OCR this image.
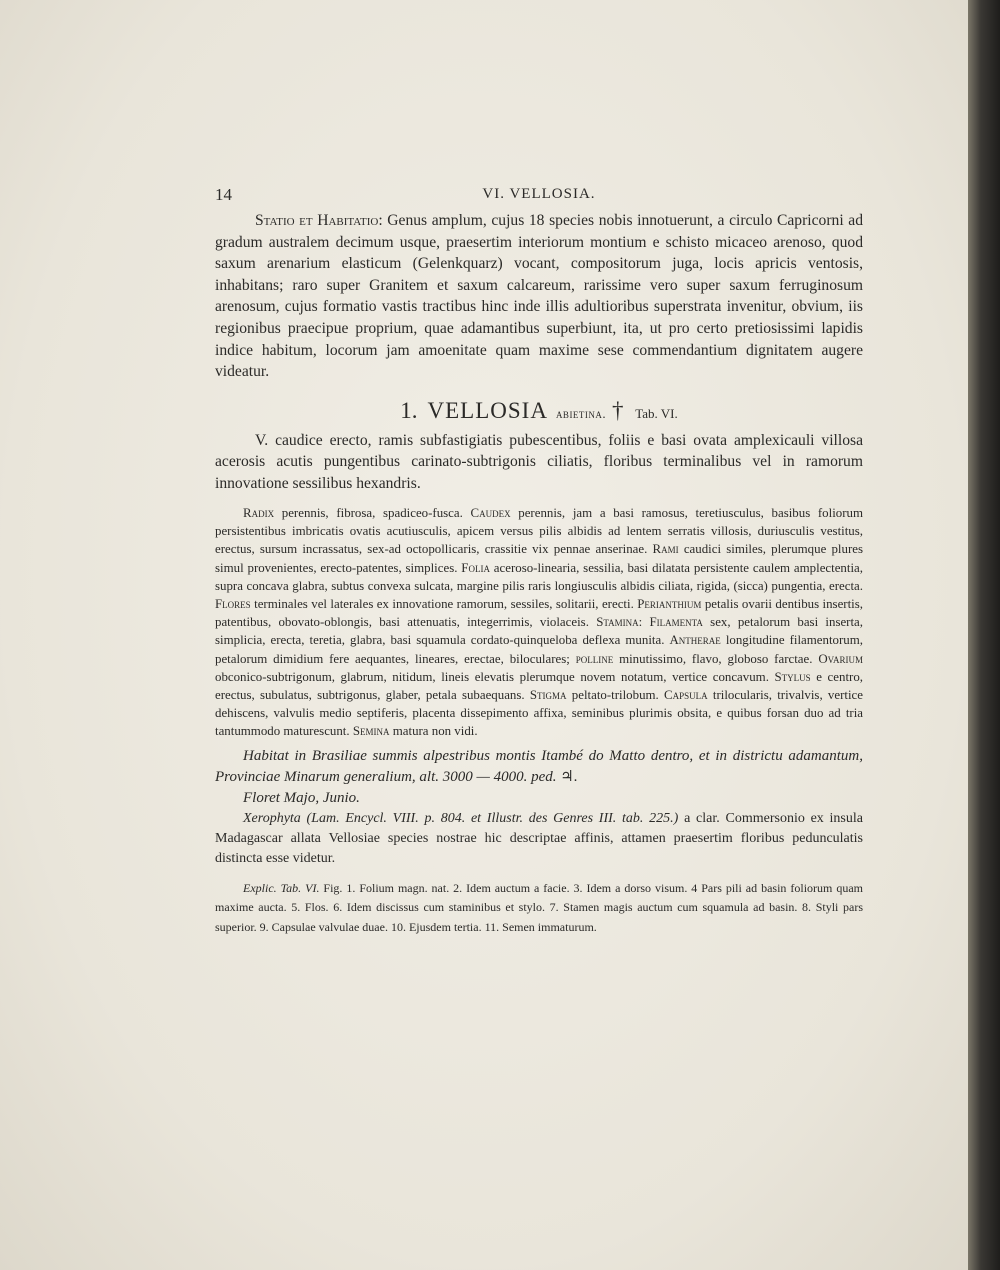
14	VI. VELLOSIA.

Statio et Habitatio: Genus amplum, cujus 18 species nobis innotuerunt, a circulo Capricorni ad gradum australem decimum usque, praesertim interiorum montium e schisto micaceo arenoso, quod saxum arenarium elasticum (Gelenkquarz) vocant, compositorum juga, locis apricis ventosis, inhabitans; raro super Granitem et saxum calcareum, rarissime vero super saxum ferruginosum arenosum, cujus formatio vastis tractibus hinc inde illis adultioribus superstrata invenitur, obvium, iis regionibus praecipue proprium, quae adamantibus superbiunt, ita, ut pro certo pretiosissimi lapidis indice habitum, locorum jam amoenitate quam maxime sese commendantium dignitatem augere videatur.

1. VELLOSIA abietina. † Tab. VI.

V. caudice erecto, ramis subfastigiatis pubescentibus, foliis e basi ovata amplexicauli villosa acerosis acutis pungentibus carinato-subtrigonis ciliatis, floribus terminalibus vel in ramorum innovatione sessilibus hexandris.

Radix perennis, fibrosa, spadiceo-fusca. Caudex perennis, jam a basi ramosus, teretiusculus, basibus foliorum persistentibus imbricatis ovatis acutiusculis, apicem versus pilis albidis ad lentem serratis villosis, duriusculis vestitus, erectus, sursum incrassatus, sex-ad octopollicaris, crassitie vix pennae anserinae. Rami caudici similes, plerumque plures simul provenientes, erecto-patentes, simplices. Folia aceroso-linearia, sessilia, basi dilatata persistente caulem amplectentia, supra concava glabra, subtus convexa sulcata, margine pilis raris longiusculis albidis ciliata, rigida, (sicca) pungentia, erecta. Flores terminales vel laterales ex innovatione ramorum, sessiles, solitarii, erecti. Perianthium petalis ovarii dentibus insertis, patentibus, obovato-oblongis, basi attenuatis, integerrimis, violaceis. Stamina: Filamenta sex, petalorum basi inserta, simplicia, erecta, teretia, glabra, basi squamula cordato-quinqueloba deflexa munita. Antherae longitudine filamentorum, petalorum dimidium fere aequantes, lineares, erectae, biloculares; polline minutissimo, flavo, globoso farctae. Ovarium obconico-subtrigonum, glabrum, nitidum, lineis elevatis plerumque novem notatum, vertice concavum. Stylus e centro, erectus, subulatus, subtrigonus, glaber, petala subaequans. Stigma peltato-trilobum. Capsula trilocularis, trivalvis, vertice dehiscens, valvulis medio septiferis, placenta dissepimento affixa, seminibus plurimis obsita, e quibus forsan duo ad tria tantummodo maturescunt. Semina matura non vidi.

Habitat in Brasiliae summis alpestribus montis Itambé do Matto dentro, et in districtu adamantum, Provinciae Minarum generalium, alt. 3000 — 4000. ped. ♃.

Floret Majo, Junio.

Xerophyta (Lam. Encycl. VIII. p. 804. et Illustr. des Genres III. tab. 225.) a clar. Commersonio ex insula Madagascar allata Vellosiae species nostrae hic descriptae affinis, attamen praesertim floribus pedunculatis distincta esse videtur.

Explic. Tab. VI. Fig. 1. Folium magn. nat. 2. Idem auctum a facie. 3. Idem a dorso visum. 4 Pars pili ad basin foliorum quam maxime aucta. 5. Flos. 6. Idem discissus cum staminibus et stylo. 7. Stamen magis auctum cum squamula ad basin. 8. Styli pars superior. 9. Capsulae valvulae duae. 10. Ejusdem tertia. 11. Semen immaturum.
